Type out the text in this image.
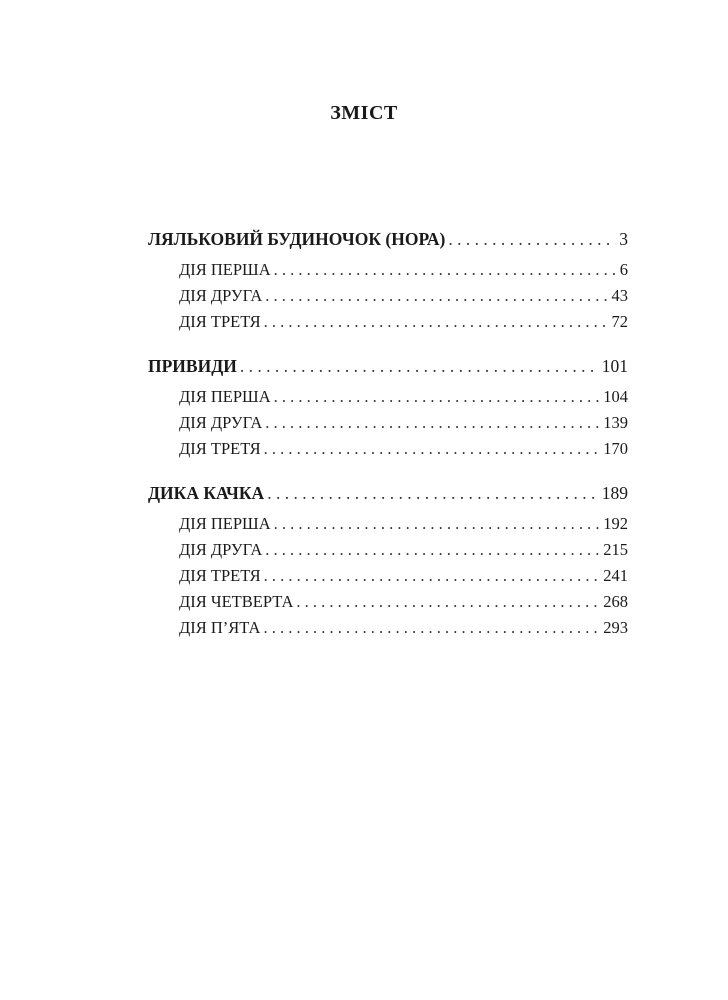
ЗМІСТ
ЛЯЛЬКОВИЙ БУДИНОЧОК (НОРА) . . .	3
ДІЯ ПЕРША . . .	6
ДІЯ ДРУГА . . .	43
ДІЯ ТРЕТЯ . . .	72
ПРИВИДИ . . .	101
ДІЯ ПЕРША . . .	104
ДІЯ ДРУГА . . .	139
ДІЯ ТРЕТЯ . . .	170
ДИКА КАЧКА . . .	189
ДІЯ ПЕРША . . .	192
ДІЯ ДРУГА . . .	215
ДІЯ ТРЕТЯ . . .	241
ДІЯ ЧЕТВЕРТА . . .	268
ДІЯ П’ЯТА . . .	293
